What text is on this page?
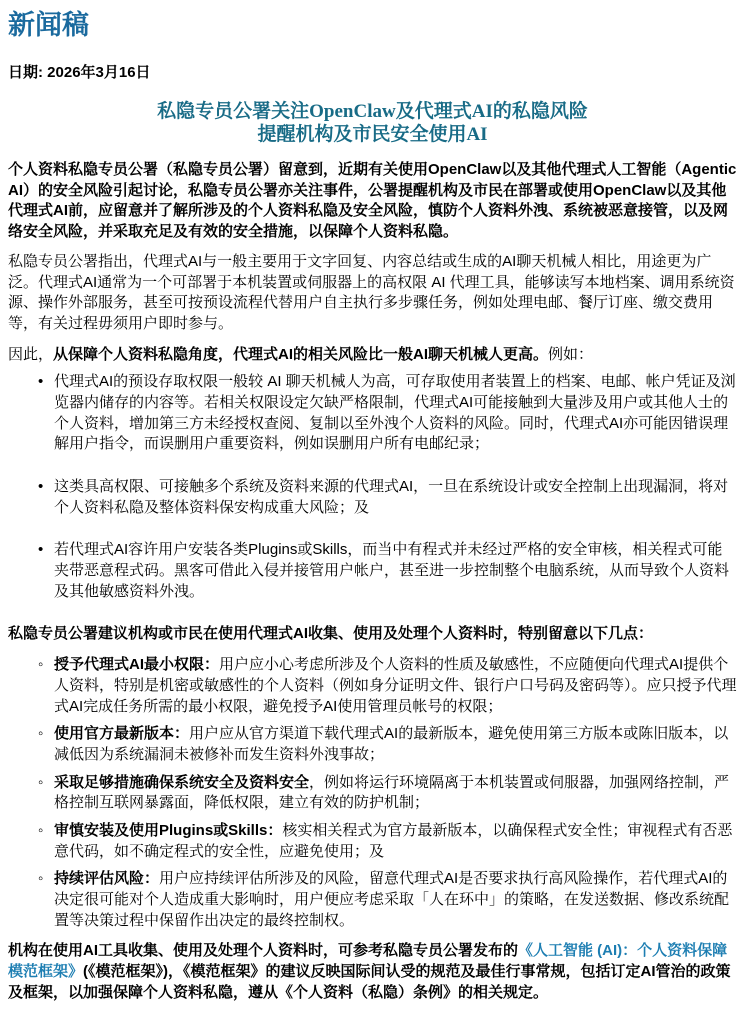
新闻稿

日期: 2026年3月16日

私隐专员公署关注OpenClaw及代理式AI的私隐风险
提醒机构及市民安全使用AI

个人资料私隐专员公署（私隐专员公署）留意到，近期有关使用OpenClaw以及其他代理式人工智能（Agentic AI）的安全风险引起讨论，私隐专员公署亦关注事件，公署提醒机构及市民在部署或使用OpenClaw以及其他代理式AI前，应留意并了解所涉及的个人资料私隐及安全风险，慎防个人资料外洩、系统被恶意接管，以及网络安全风险，并采取充足及有效的安全措施，以保障个人资料私隐。

私隐专员公署指出，代理式AI与一般主要用于文字回复、内容总结或生成的AI聊天机械人相比，用途更为广泛。代理式AI通常为一个可部署于本机装置或伺服器上的高权限 AI 代理工具，能够读写本地档案、调用系统资源、操作外部服务，甚至可按预设流程代替用户自主执行多步骤任务，例如处理电邮、餐厅订座、缴交费用等，有关过程毋须用户即时参与。

因此，从保障个人资料私隐角度，代理式AI的相关风险比一般AI聊天机械人更高。例如：

• 代理式AI的预设存取权限一般较 AI 聊天机械人为高，可存取使用者装置上的档案、电邮、帐户凭证及浏览器内储存的内容等。若相关权限设定欠缺严格限制，代理式AI可能接触到大量涉及用户或其他人士的个人资料，增加第三方未经授权查阅、复制以至外洩个人资料的风险。同时，代理式AI亦可能因错误理解用户指令，而误删用户重要资料，例如误删用户所有电邮纪录；
• 这类具高权限、可接触多个系统及资料来源的代理式AI，一旦在系统设计或安全控制上出现漏洞，将对个人资料私隐及整体资料保安构成重大风险；及
• 若代理式AI容许用户安装各类Plugins或Skills，而当中有程式并未经过严格的安全审核，相关程式可能夹带恶意程式码。黑客可借此入侵并接管用户帐户，甚至进一步控制整个电脑系统，从而导致个人资料及其他敏感资料外洩。

私隐专员公署建议机构或市民在使用代理式AI收集、使用及处理个人资料时，特别留意以下几点：

◦ 授予代理式AI最小权限：用户应小心考虑所涉及个人资料的性质及敏感性，不应随便向代理式AI提供个人资料，特别是机密或敏感性的个人资料（例如身分证明文件、银行户口号码及密码等）。应只授予代理式AI完成任务所需的最小权限，避免授予AI使用管理员帐号的权限；
◦ 使用官方最新版本：用户应从官方渠道下载代理式AI的最新版本，避免使用第三方版本或陈旧版本，以减低因为系统漏洞未被修补而发生资料外洩事故；
◦ 采取足够措施确保系统安全及资料安全，例如将运行环境隔离于本机装置或伺服器，加强网络控制，严格控制互联网暴露面，降低权限，建立有效的防护机制；
◦ 审慎安装及使用Plugins或Skills：核实相关程式为官方最新版本，以确保程式安全性；审视程式有否恶意代码，如不确定程式的安全性，应避免使用；及
◦ 持续评估风险：用户应持续评估所涉及的风险，留意代理式AI是否要求执行高风险操作，若代理式AI的决定很可能对个人造成重大影响时，用户便应考虑采取「人在环中」的策略，在发送数据、修改系统配置等决策过程中保留作出决定的最终控制权。

机构在使用AI工具收集、使用及处理个人资料时，可参考私隐专员公署发布的《人工智能 (AI)：个人资料保障模范框架》(《模范框架》)，《模范框架》的建议反映国际间认受的规范及最佳行事常规，包括订定AI管治的政策及框架，以加强保障个人资料私隐，遵从《个人资料（私隐）条例》的相关规定。
